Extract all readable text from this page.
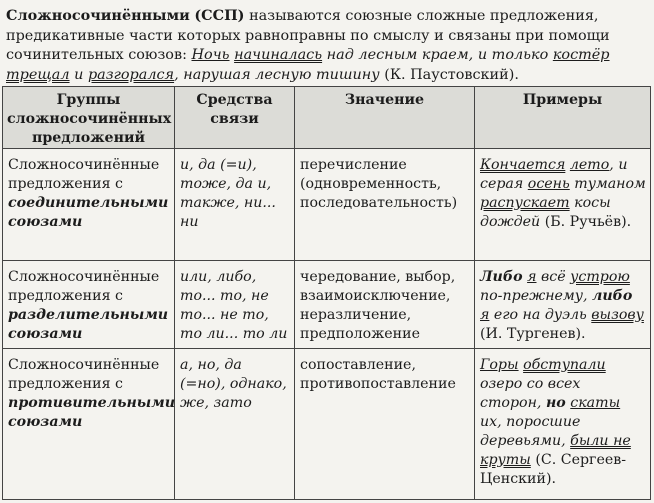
Сложносочинёнными (ССП) называются союзные сложные предложения, предикативные части которых равноправны по смыслу и связаны при помощи сочинительных союзов: Ночь начиналась над лесным краем, и только костёр трещал и разгорался, нарушая лесную тишину (К. Паустовский).
Группы сложносочинённых предложений	Средства связи	Значение	Примеры
Сложносочинённые предложения с соединительными союзами	и, да (=и), тоже, да и, также, ни... ни	перечисление (одновременность, последовательность)	Кончается лето, и серая осень туманом распускает косы дождей (Б. Ручьёв).
Сложносочинённые предложения с разделительными союзами	или, либо, то... то, не то... не то, то ли... то ли	чередование, выбор, взаимоисключение, неразличение, предположение	Либо я всё устрою по-прежнему, либо я его на дуэль вызову (И. Тургенев).
Сложносочинённые предложения с противительными союзами	а, но, да (=но), однако, же, зато	сопоставление, противопоставление	Горы обступали озеро со всех сторон, но скаты их, поросшие деревьями, были не круты (С. Сергеев-Ценский).
